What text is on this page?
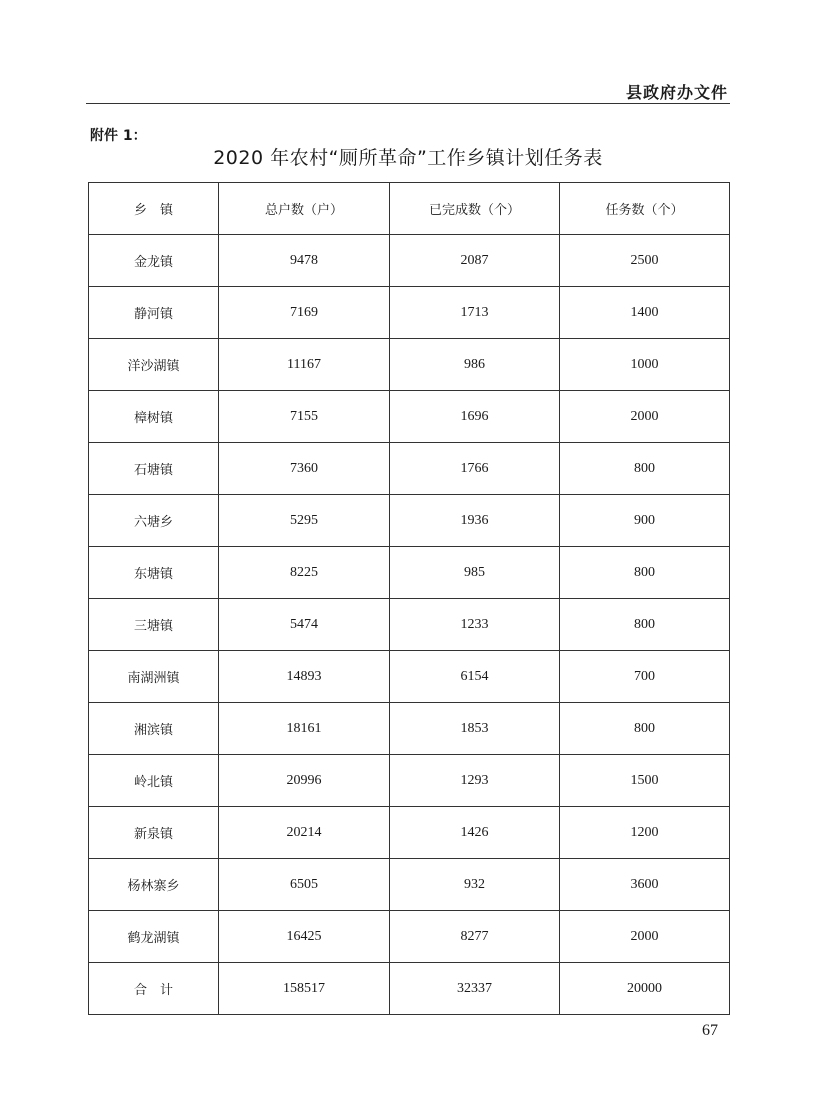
县政府办文件
附件 1：
2020 年农村“厕所革命”工作乡镇计划任务表
乡　镇	总户数（户）	已完成数（个）	任务数（个）
金龙镇	9478	2087	2500
静河镇	7169	1713	1400
洋沙湖镇	11167	986	1000
樟树镇	7155	1696	2000
石塘镇	7360	1766	800
六塘乡	5295	1936	900
东塘镇	8225	985	800
三塘镇	5474	1233	800
南湖洲镇	14893	6154	700
湘滨镇	18161	1853	800
岭北镇	20996	1293	1500
新泉镇	20214	1426	1200
杨林寨乡	6505	932	3600
鹤龙湖镇	16425	8277	2000
合　计	158517	32337	20000
67
